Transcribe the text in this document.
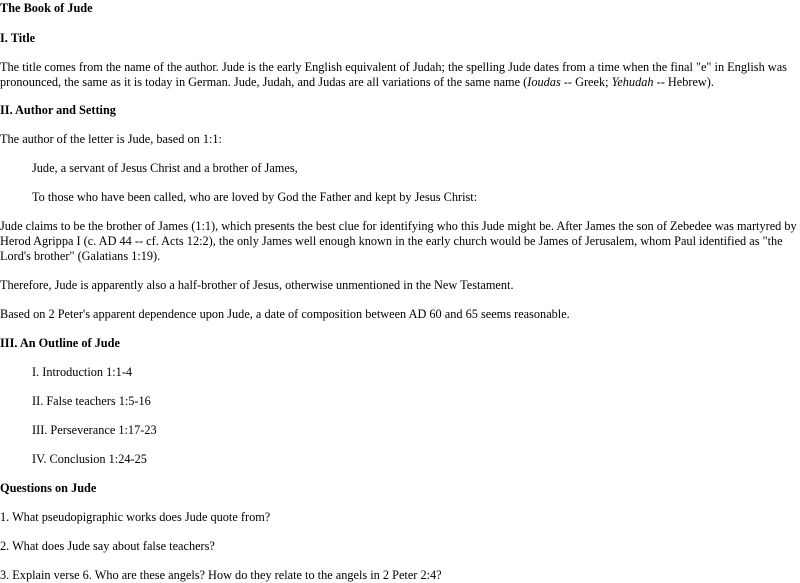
The Book of Jude

I. Title

The title comes from the name of the author. Jude is the early English equivalent of Judah; the spelling Jude dates from a time when the final "e" in English was pronounced, the same as it is today in German. Jude, Judah, and Judas are all variations of the same name (Ioudas -- Greek; Yehudah -- Hebrew).

II. Author and Setting

The author of the letter is Jude, based on 1:1:

Jude, a servant of Jesus Christ and a brother of James,

To those who have been called, who are loved by God the Father and kept by Jesus Christ:

Jude claims to be the brother of James (1:1), which presents the best clue for identifying who this Jude might be. After James the son of Zebedee was martyred by Herod Agrippa I (c. AD 44 -- cf. Acts 12:2), the only James well enough known in the early church would be James of Jerusalem, whom Paul identified as "the Lord's brother" (Galatians 1:19).

Therefore, Jude is apparently also a half-brother of Jesus, otherwise unmentioned in the New Testament.

Based on 2 Peter's apparent dependence upon Jude, a date of composition between AD 60 and 65 seems reasonable.

III. An Outline of Jude

I. Introduction 1:1-4

II. False teachers 1:5-16

III. Perseverance 1:17-23

IV. Conclusion 1:24-25

Questions on Jude

1. What pseudopigraphic works does Jude quote from?

2. What does Jude say about false teachers?

3. Explain verse 6. Who are these angels? How do they relate to the angels in 2 Peter 2:4?
